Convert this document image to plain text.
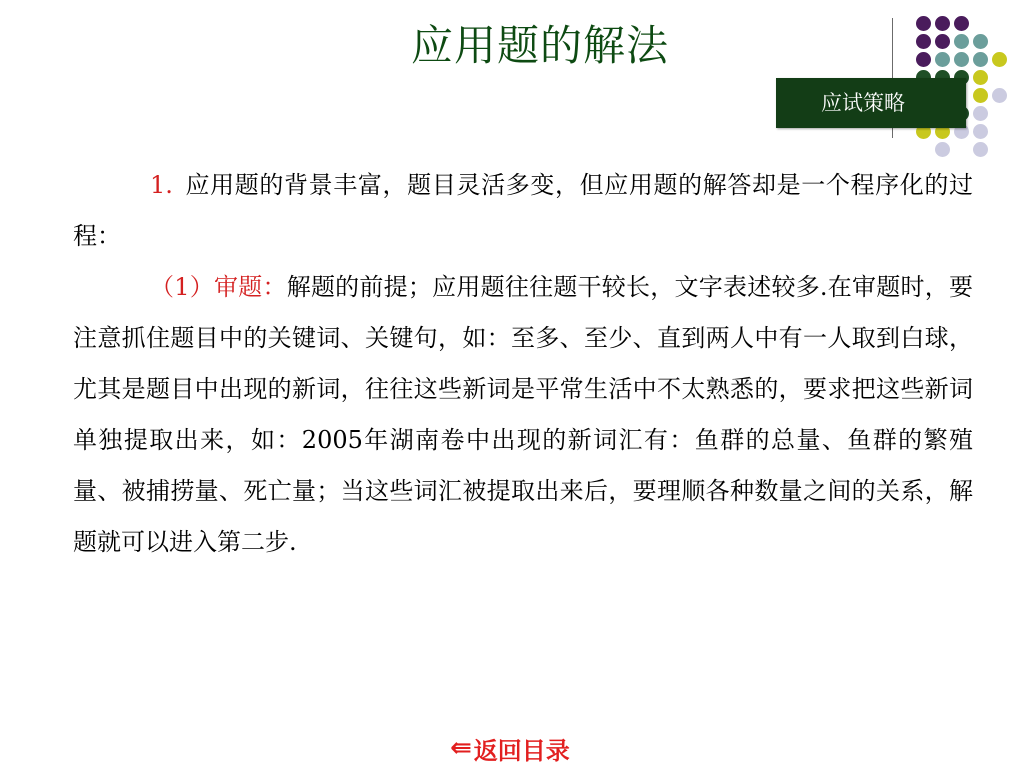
应用题的解法
应试策略

1. 应用题的背景丰富，题目灵活多变，但应用题的解答却是一个程序化的过程：

（1）审题：解题的前提；应用题往往题干较长，文字表述较多.在审题时，要注意抓住题目中的关键词、关键句，如：至多、至少、直到两人中有一人取到白球，尤其是题目中出现的新词，往往这些新词是平常生活中不太熟悉的，要求把这些新词单独提取出来，如：2005年湖南卷中出现的新词汇有：鱼群的总量、鱼群的繁殖量、被捕捞量、死亡量；当这些词汇被提取出来后，要理顺各种数量之间的关系，解题就可以进入第二步.

⇚ 返回目录
